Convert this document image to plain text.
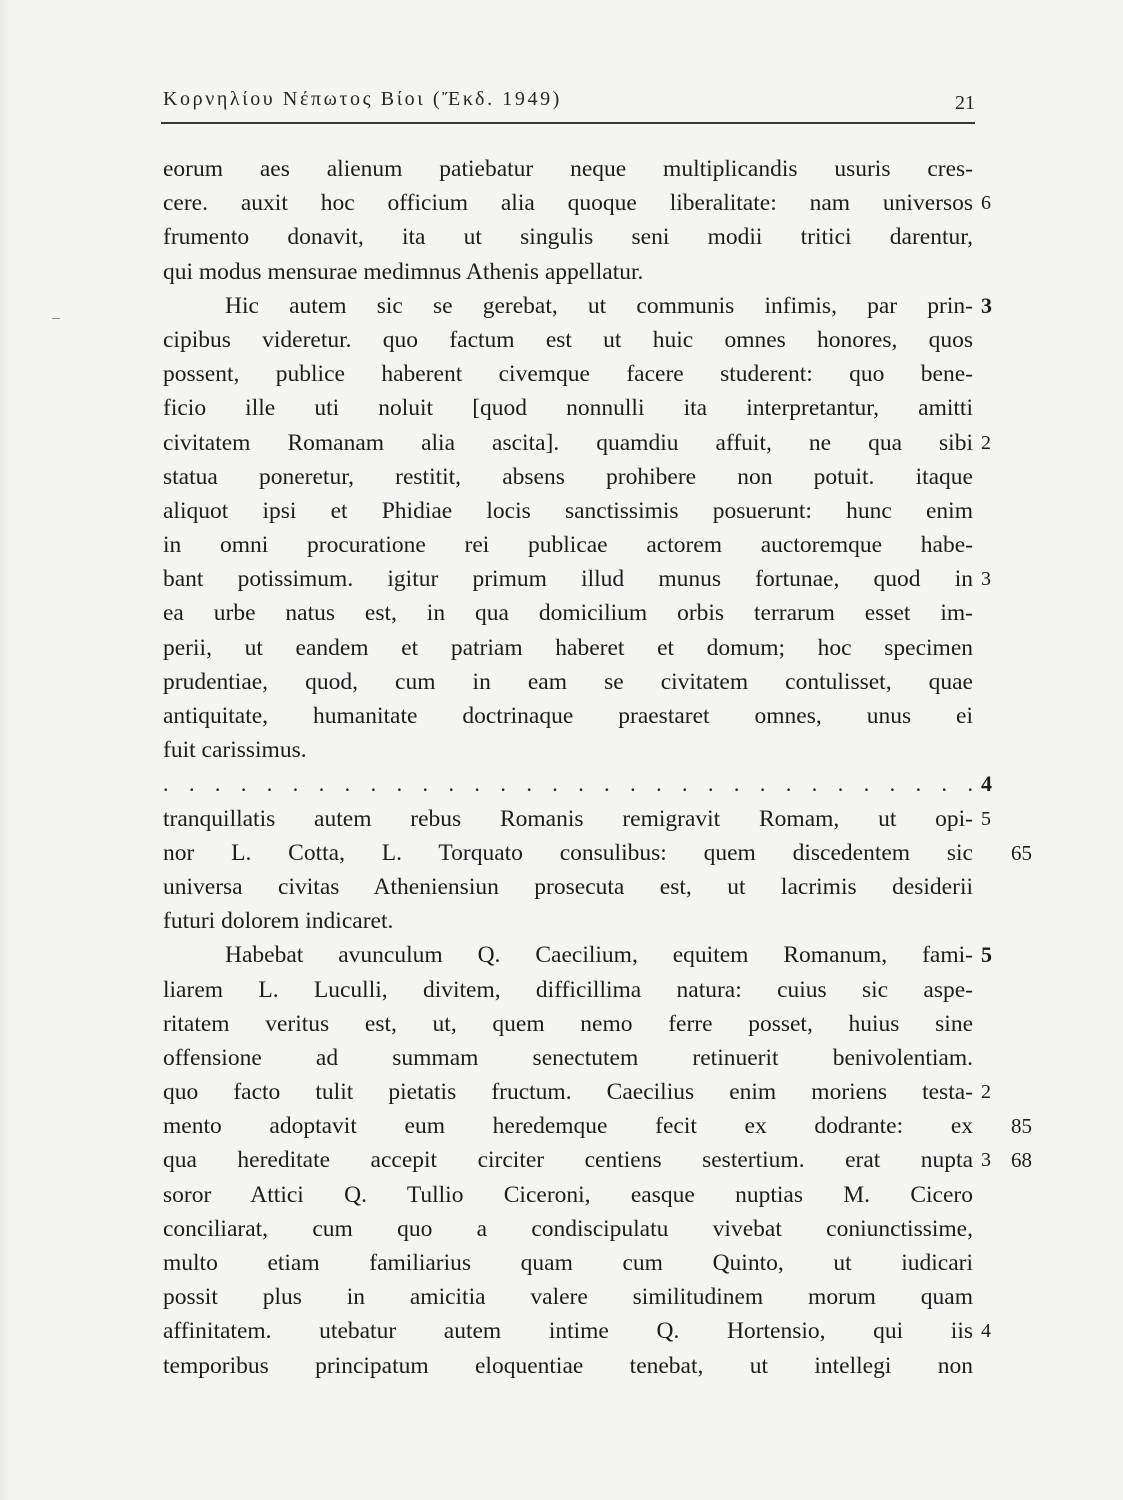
Κορνηλίου Νέπωτος Βίοι (Ἔκδ. 1949)	21
eorum aes alienum patiebatur neque multiplicandis usuris cres-
cere. auxit hoc officium alia quoque liberalitate: nam universos 6
frumento donavit, ita ut singulis seni modii tritici darentur,
qui modus mensurae medimnus Athenis appellatur.
Hic autem sic se gerebat, ut communis infimis, par prin- 3
cipibus videretur. quo factum est ut huic omnes honores, quos
possent, publice haberent civemque facere studerent: quo bene-
ficio ille uti noluit [quod nonnulli ita interpretantur, amitti
civitatem Romanam alia ascita]. quamdiu affuit, ne qua sibi 2
statua poneretur, restitit, absens prohibere non potuit. itaque
aliquot ipsi et Phidiae locis sanctissimis posuerunt: hunc enim
in omni procuratione rei publicae actorem auctoremque habe-
bant potissimum. igitur primum illud munus fortunae, quod in 3
ea urbe natus est, in qua domicilium orbis terrarum esset im-
perii, ut eandem et patriam haberet et domum; hoc specimen
prudentiae, quod, cum in eam se civitatem contulisset, quae
antiquitate, humanitate doctrinaque praestaret omnes, unus ei
fuit carissimus.
. . . . . . . . . . . . . . . . . . . . . . . . . . . . . . . . 4
tranquillatis autem rebus Romanis remigravit Romam, ut opi- 5
nor L. Cotta, L. Torquato consulibus: quem discedentem sic 65
universa civitas Atheniensiun prosecuta est, ut lacrimis desiderii
futuri dolorem indicaret.
Habebat avunculum Q. Caecilium, equitem Romanum, fami- 5
liarem L. Luculli, divitem, difficillima natura: cuius sic aspe-
ritatem veritus est, ut, quem nemo ferre posset, huius sine
offensione ad summam senectutem retinuerit benivolentiam.
quo facto tulit pietatis fructum. Caecilius enim moriens testa- 2
mento adoptavit eum heredemque fecit ex dodrante: ex 85
qua hereditate accepit circiter centiens sestertium. erat nupta 3 68
soror Attici Q. Tullio Ciceroni, easque nuptias M. Cicero
conciliarat, cum quo a condiscipulatu vivebat coniunctissime,
multo etiam familiarius quam cum Quinto, ut iudicari
possit plus in amicitia valere similitudinem morum quam
affinitatem. utebatur autem intime Q. Hortensio, qui iis 4
temporibus principatum eloquentiae tenebat, ut intellegi non
